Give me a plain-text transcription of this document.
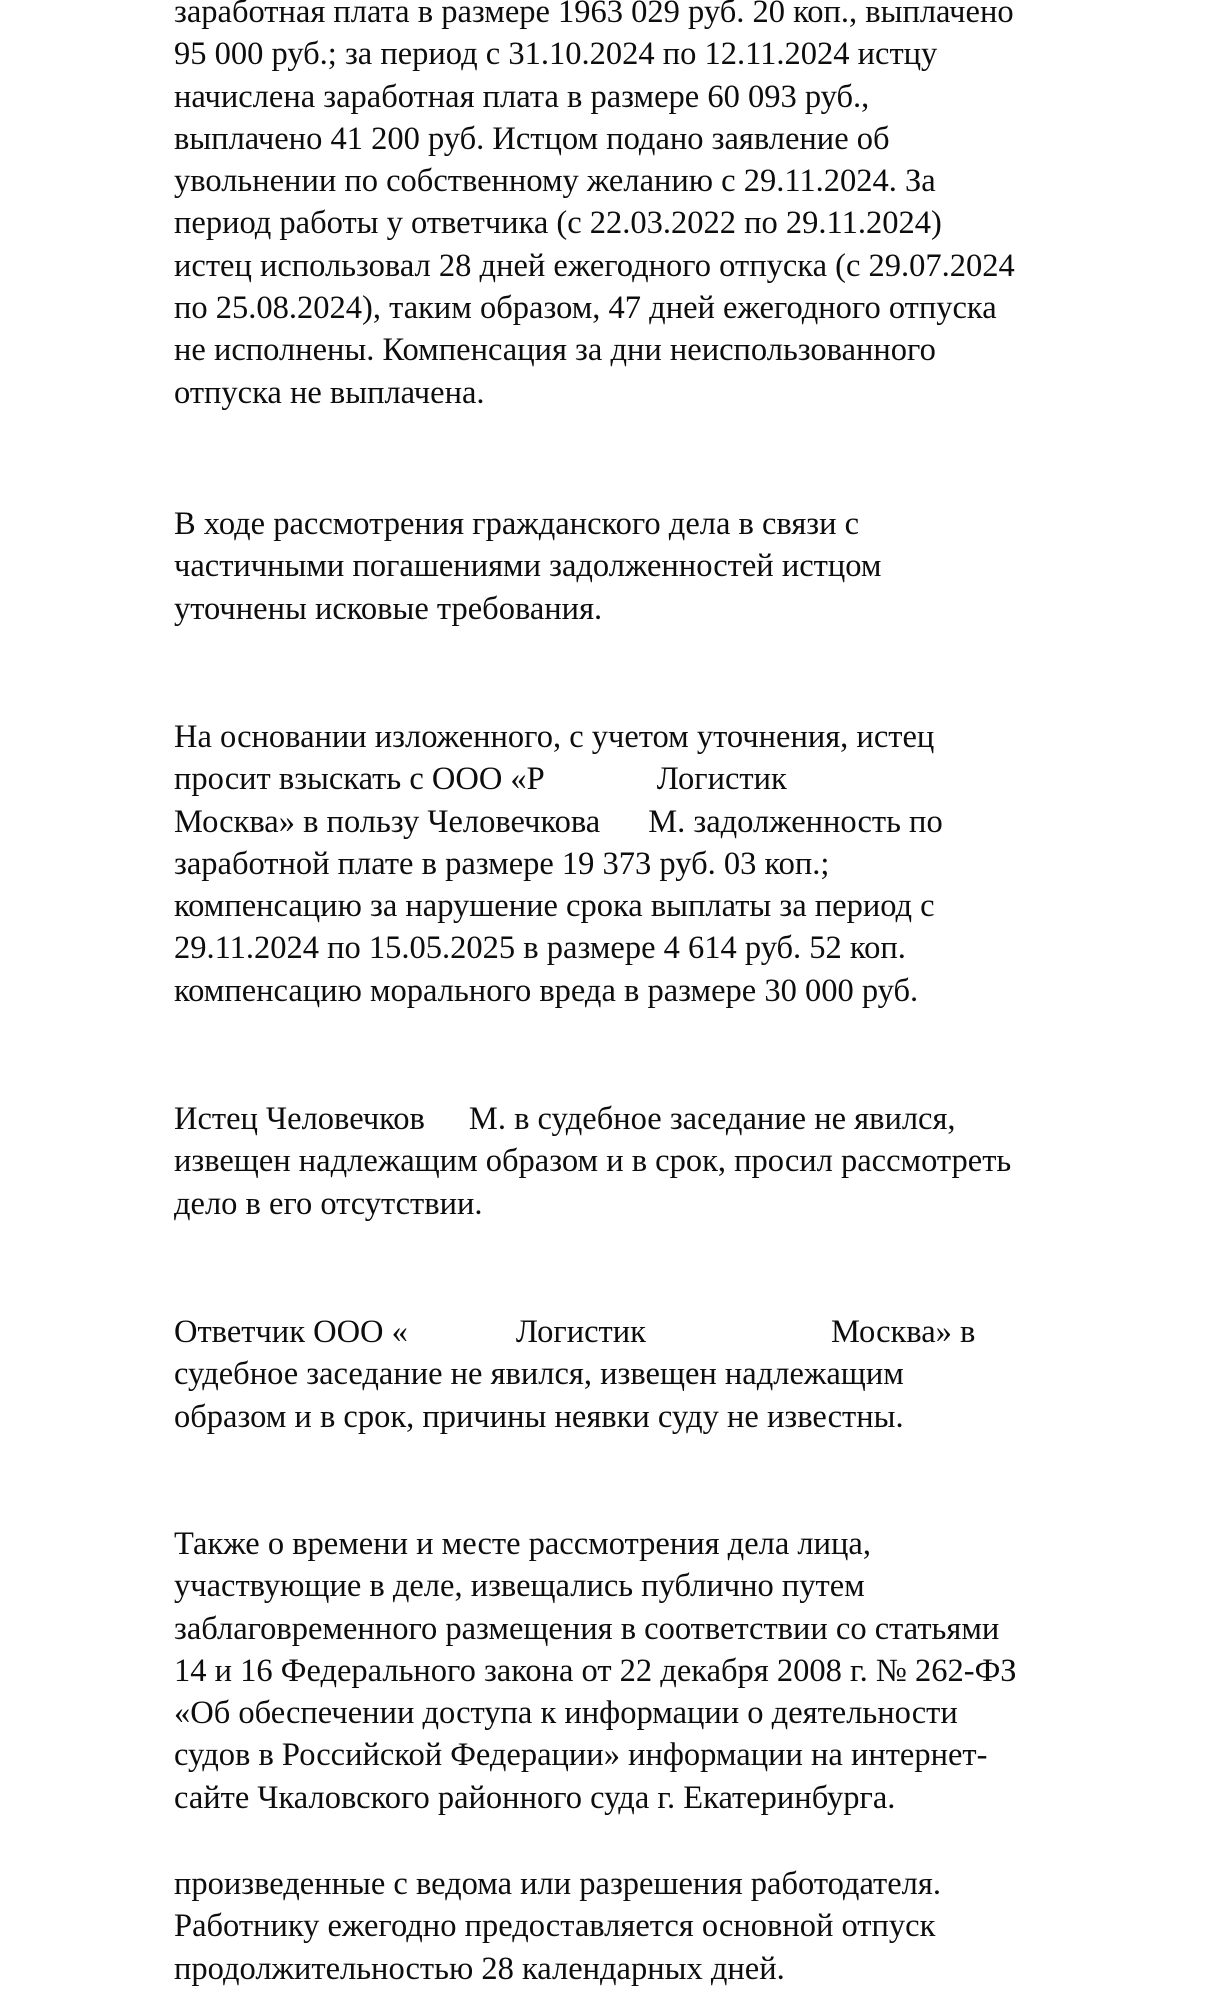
заработная плата в размере 1963 029 руб. 20 коп., выплачено
95 000 руб.; за период с 31.10.2024 по 12.11.2024 истцу
начислена заработная плата в размере 60 093 руб.,
выплачено 41 200 руб. Истцом подано заявление об
увольнении по собственному желанию с 29.11.2024. За
период работы у ответчика (с 22.03.2022 по 29.11.2024)
истец использовал 28 дней ежегодного отпуска (с 29.07.2024
по 25.08.2024), таким образом, 47 дней ежегодного отпуска
не исполнены. Компенсация за дни неиспользованного
отпуска не выплачена.
В ходе рассмотрения гражданского дела в связи с
частичными погашениями задолженностей истцом
уточнены исковые требования.
На основании изложенного, с учетом уточнения, истец
просит взыскать с ООО «Р	Логистик
Москва» в пользу Человечкова М. задолженность по
заработной плате в размере 19 373 руб. 03 коп.;
компенсацию за нарушение срока выплаты за период с
29.11.2024 по 15.05.2025 в размере 4 614 руб. 52 коп.
компенсацию морального вреда в размере 30 000 руб.
Истец Человечков М. в судебное заседание не явился,
извещен надлежащим образом и в срок, просил рассмотреть
дело в его отсутствии.
Ответчик ООО «	Логистик	Москва» в
судебное заседание не явился, извещен надлежащим
образом и в срок, причины неявки суду не известны.
Также о времени и месте рассмотрения дела лица,
участвующие в деле, извещались публично путем
заблаговременного размещения в соответствии со статьями
14 и 16 Федерального закона от 22 декабря 2008 г. № 262-ФЗ
«Об обеспечении доступа к информации о деятельности
судов в Российской Федерации» информации на интернет-
сайте Чкаловского районного суда г. Екатеринбурга.
произведенные с ведома или разрешения работодателя.
Работнику ежегодно предоставляется основной отпуск
продолжительностью 28 календарных дней.
